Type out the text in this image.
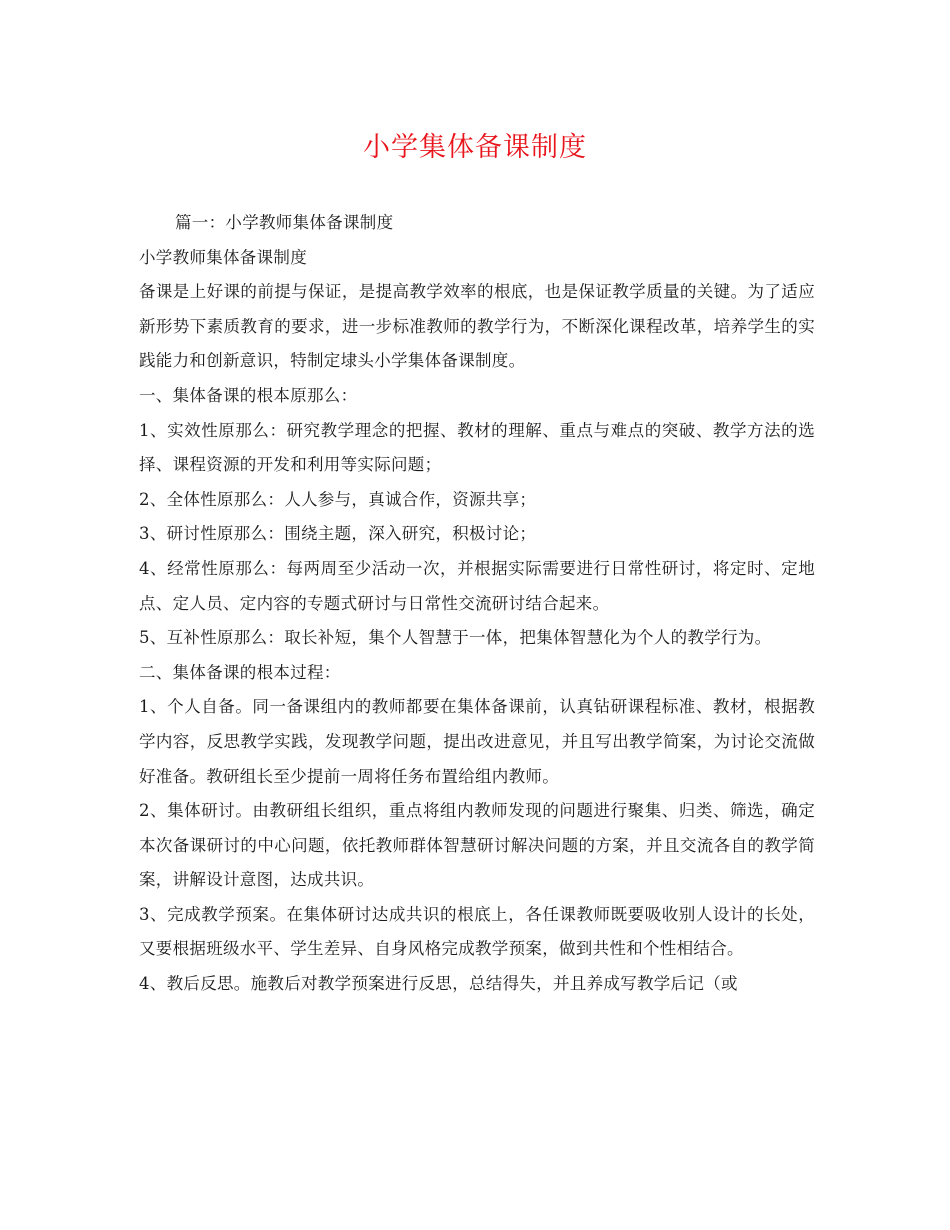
小学集体备课制度

篇一：小学教师集体备课制度

小学教师集体备课制度

备课是上好课的前提与保证，是提高教学效率的根底，也是保证教学质量的关键。为了适应新形势下素质教育的要求，进一步标准教师的教学行为，不断深化课程改革，培养学生的实践能力和创新意识，特制定埭头小学集体备课制度。

一、集体备课的根本原那么：

1、实效性原那么：研究教学理念的把握、教材的理解、重点与难点的突破、教学方法的选择、课程资源的开发和利用等实际问题；

2、全体性原那么：人人参与，真诚合作，资源共享；

3、研讨性原那么：围绕主题，深入研究，积极讨论；

4、经常性原那么：每两周至少活动一次，并根据实际需要进行日常性研讨，将定时、定地点、定人员、定内容的专题式研讨与日常性交流研讨结合起来。

5、互补性原那么：取长补短，集个人智慧于一体，把集体智慧化为个人的教学行为。

二、集体备课的根本过程：

1、个人自备。同一备课组内的教师都要在集体备课前，认真钻研课程标准、教材，根据教学内容，反思教学实践，发现教学问题，提出改进意见，并且写出教学简案，为讨论交流做好准备。教研组长至少提前一周将任务布置给组内教师。

2、集体研讨。由教研组长组织，重点将组内教师发现的问题进行聚集、归类、筛选，确定本次备课研讨的中心问题，依托教师群体智慧研讨解决问题的方案，并且交流各自的教学简案，讲解设计意图，达成共识。

3、完成教学预案。在集体研讨达成共识的根底上，各任课教师既要吸收别人设计的长处，又要根据班级水平、学生差异、自身风格完成教学预案，做到共性和个性相结合。

4、教后反思。施教后对教学预案进行反思，总结得失，并且养成写教学后记（或
